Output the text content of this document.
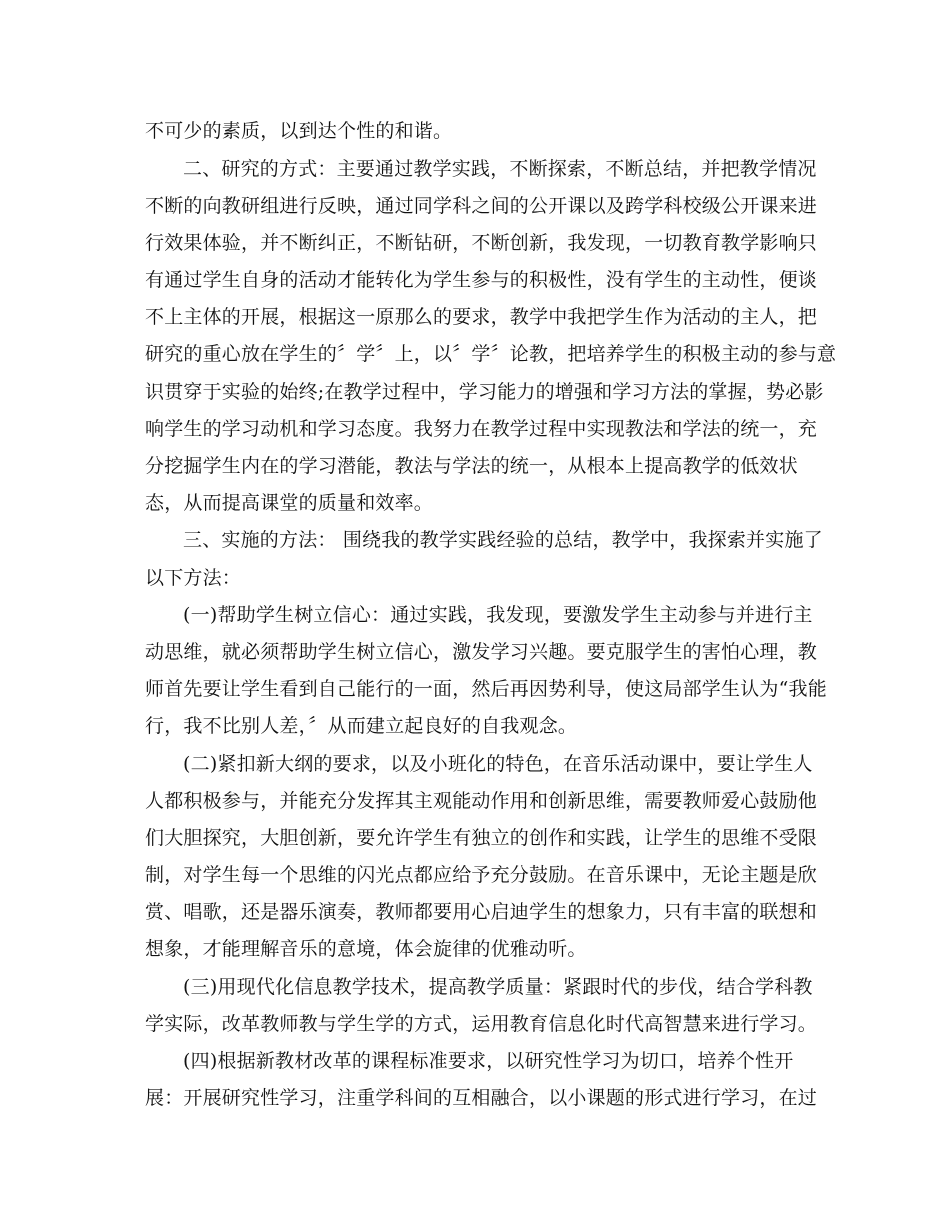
不可少的素质，以到达个性的和谐。
二、研究的方式：主要通过教学实践，不断探索，不断总结，并把教学情况
不断的向教研组进行反映，通过同学科之间的公开课以及跨学科校级公开课来进
行效果体验，并不断纠正，不断钻研，不断创新，我发现，一切教育教学影响只
有通过学生自身的活动才能转化为学生参与的积极性，没有学生的主动性，便谈
不上主体的开展，根据这一原那么的要求，教学中我把学生作为活动的主人，把
研究的重心放在学生的〞学〞上，以〞学〞论教，把培养学生的积极主动的参与意
识贯穿于实验的始终;在教学过程中，学习能力的增强和学习方法的掌握，势必影
响学生的学习动机和学习态度。我努力在教学过程中实现教法和学法的统一，充
分挖掘学生内在的学习潜能，教法与学法的统一，从根本上提高教学的低效状
态，从而提高课堂的质量和效率。
三、实施的方法： 围绕我的教学实践经验的总结，教学中，我探索并实施了
以下方法：
(一)帮助学生树立信心：通过实践，我发现，要激发学生主动参与并进行主
动思维，就必须帮助学生树立信心，激发学习兴趣。要克服学生的害怕心理，教
师首先要让学生看到自己能行的一面，然后再因势利导，使这局部学生认为“我能
行，我不比别人差，〞从而建立起良好的自我观念。
(二)紧扣新大纲的要求，以及小班化的特色，在音乐活动课中，要让学生人
人都积极参与，并能充分发挥其主观能动作用和创新思维，需要教师爱心鼓励他
们大胆探究，大胆创新，要允许学生有独立的创作和实践，让学生的思维不受限
制，对学生每一个思维的闪光点都应给予充分鼓励。在音乐课中，无论主题是欣
赏、唱歌，还是器乐演奏，教师都要用心启迪学生的想象力，只有丰富的联想和
想象，才能理解音乐的意境，体会旋律的优雅动听。
(三)用现代化信息教学技术，提高教学质量：紧跟时代的步伐，结合学科教
学实际，改革教师教与学生学的方式，运用教育信息化时代高智慧来进行学习。
(四)根据新教材改革的课程标准要求，以研究性学习为切口，培养个性开
展：开展研究性学习，注重学科间的互相融合，以小课题的形式进行学习，在过
